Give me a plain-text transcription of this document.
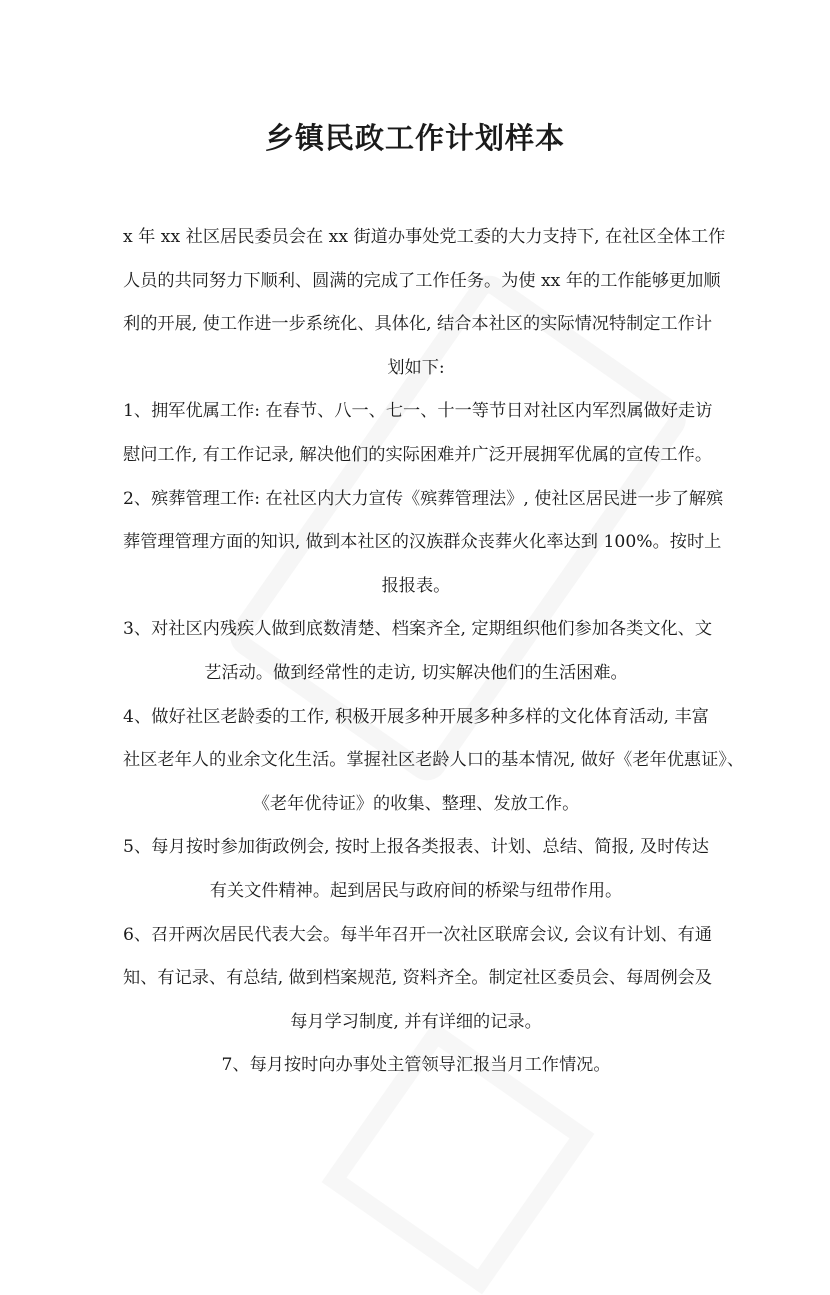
乡镇民政工作计划样本
x 年 xx 社区居民委员会在 xx 街道办事处党工委的大力支持下, 在社区全体工作
人员的共同努力下顺利、圆满的完成了工作任务。为使 xx 年的工作能够更加顺
利的开展, 使工作进一步系统化、具体化, 结合本社区的实际情况特制定工作计
划如下:
1、拥军优属工作: 在春节、八一、七一、十一等节日对社区内军烈属做好走访
慰问工作, 有工作记录, 解决他们的实际困难并广泛开展拥军优属的宣传工作。
2、殡葬管理工作: 在社区内大力宣传《殡葬管理法》, 使社区居民进一步了解殡
葬管理管理方面的知识, 做到本社区的汉族群众丧葬火化率达到 100%。按时上
报报表。
3、对社区内残疾人做到底数清楚、档案齐全, 定期组织他们参加各类文化、文
艺活动。做到经常性的走访, 切实解决他们的生活困难。
4、做好社区老龄委的工作, 积极开展多种开展多种多样的文化体育活动, 丰富
社区老年人的业余文化生活。掌握社区老龄人口的基本情况, 做好《老年优惠证》、
《老年优待证》的收集、整理、发放工作。
5、每月按时参加街政例会, 按时上报各类报表、计划、总结、简报, 及时传达
有关文件精神。起到居民与政府间的桥梁与纽带作用。
6、召开两次居民代表大会。每半年召开一次社区联席会议, 会议有计划、有通
知、有记录、有总结, 做到档案规范, 资料齐全。制定社区委员会、每周例会及
每月学习制度, 并有详细的记录。
7、每月按时向办事处主管领导汇报当月工作情况。
